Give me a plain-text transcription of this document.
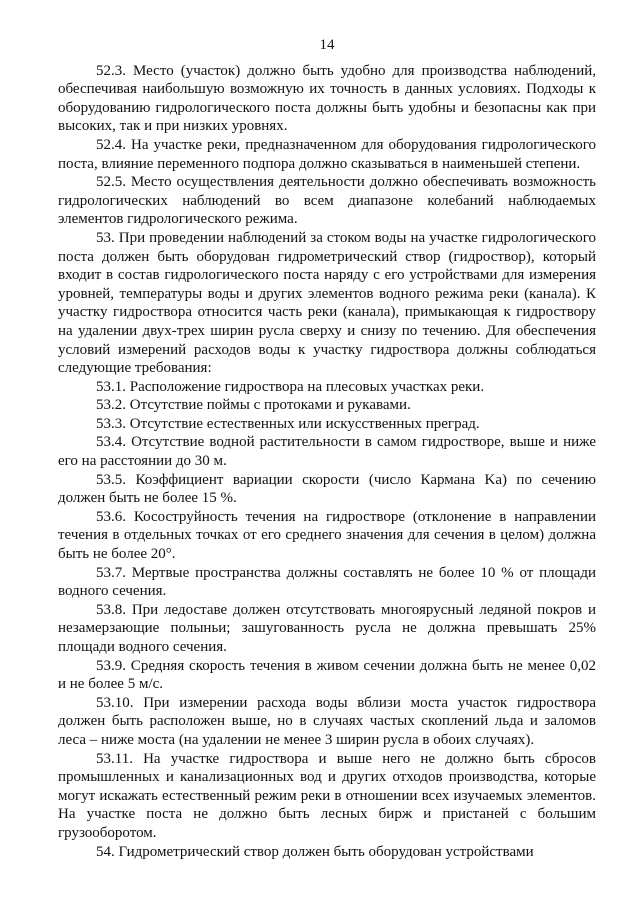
14

52.3. Место (участок) должно быть удобно для производства наблюдений, обеспечивая наибольшую возможную их точность в данных условиях. Подходы к оборудованию гидрологического поста должны быть удобны и безопасны как при высоких, так и при низких уровнях.

52.4. На участке реки, предназначенном для оборудования гидрологического поста, влияние переменного подпора должно сказываться в наименьшей степени.

52.5. Место осуществления деятельности должно обеспечивать возможность гидрологических наблюдений во всем диапазоне колебаний наблюдаемых элементов гидрологического режима.

53. При проведении наблюдений за стоком воды на участке гидрологического поста должен быть оборудован гидрометрический створ (гидроствор), который входит в состав гидрологического поста наряду с его устройствами для измерения уровней, температуры воды и других элементов водного режима реки (канала). К участку гидроствора относится часть реки (канала), примыкающая к гидроствору на удалении двух-трех ширин русла сверху и снизу по течению. Для обеспечения условий измерений расходов воды к участку гидроствора должны соблюдаться следующие требования:

53.1. Расположение гидроствора на плесовых участках реки.

53.2. Отсутствие поймы с протоками и рукавами.

53.3. Отсутствие естественных или искусственных преград.

53.4. Отсутствие водной растительности в самом гидростворе, выше и ниже его на расстоянии до 30 м.

53.5. Коэффициент вариации скорости (число Кармана Ka) по сечению должен быть не более 15 %.

53.6. Косоструйность течения на гидростворе (отклонение в направлении течения в отдельных точках от его среднего значения для сечения в целом) должна быть не более 20°.

53.7. Мертвые пространства должны составлять не более 10 % от площади водного сечения.

53.8. При ледоставе должен отсутствовать многоярусный ледяной покров и незамерзающие полыньи; зашугованность русла не должна превышать 25% площади водного сечения.

53.9. Средняя скорость течения в живом сечении должна быть не менее 0,02 и не более 5 м/с.

53.10. При измерении расхода воды вблизи моста участок гидроствора должен быть расположен выше, но в случаях частых скоплений льда и заломов леса – ниже моста (на удалении не менее 3 ширин русла в обоих случаях).

53.11. На участке гидроствора и выше него не должно быть сбросов промышленных и канализационных вод и других отходов производства, которые могут искажать естественный режим реки в отношении всех изучаемых элементов. На участке поста не должно быть лесных бирж и пристаней с большим грузооборотом.

54. Гидрометрический створ должен быть оборудован устройствами
